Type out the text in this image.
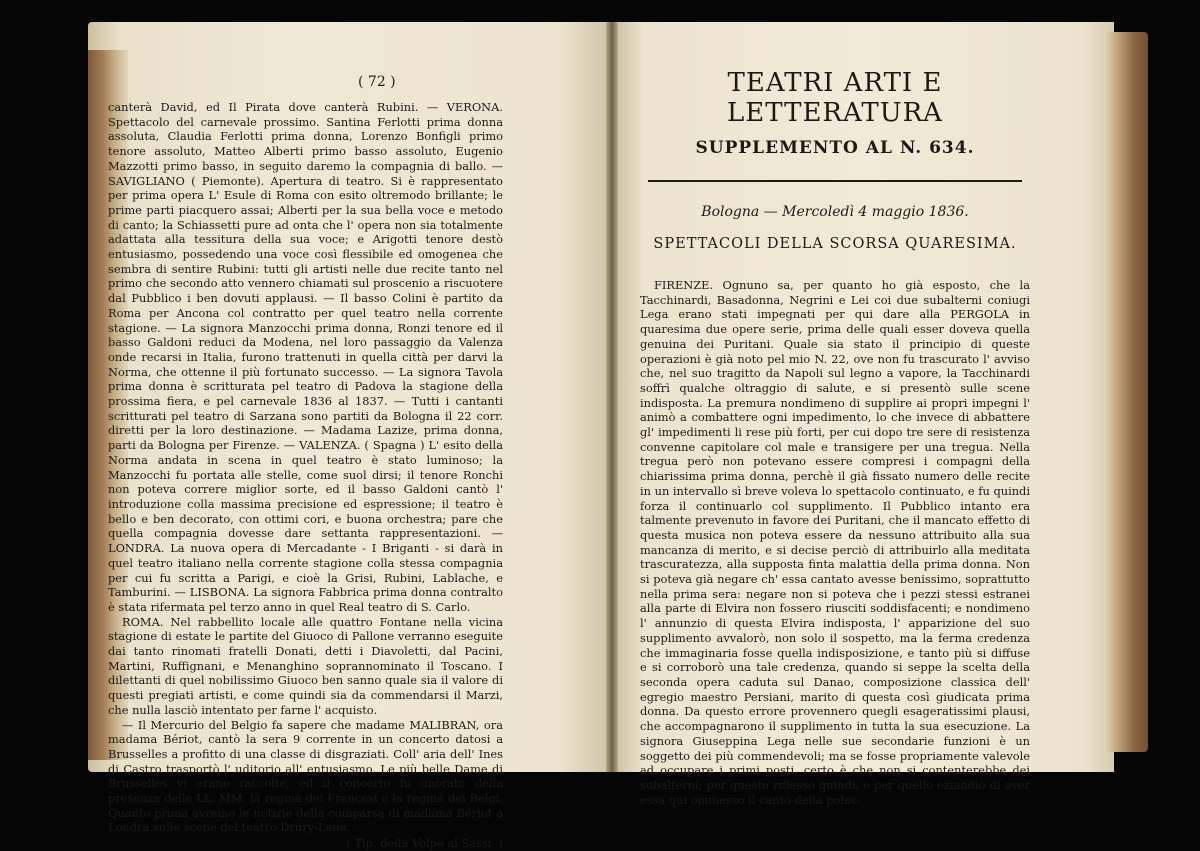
( 72 )

canterà David, ed Il Pirata dove canterà Rubini. — VERONA. Spettacolo del carnevale prossimo. Santina Ferlotti prima donna assoluta, Claudia Ferlotti prima donna, Lorenzo Bonfigli primo tenore assoluto, Matteo Alberti primo basso assoluto, Eugenio Mazzotti primo basso, in seguito daremo la compagnia di ballo. — SAVIGLIANO ( Piemonte). Apertura di teatro. Si è rappresentato per prima opera L' Esule di Roma con esito oltremodo brillante; le prime parti piacquero assai; Alberti per la sua bella voce e metodo di canto; la Schiassetti pure ad onta che l' opera non sia totalmente adattata alla tessitura della sua voce; e Arigotti tenore destò entusiasmo, possedendo una voce così flessibile ed omogenea che sembra di sentire Rubini: tutti gli artisti nelle due recite tanto nel primo che secondo atto vennero chiamati sul proscenio a riscuotere dal Pubblico i ben dovuti applausi. — Il basso Colini è partito da Roma per Ancona col contratto per quel teatro nella corrente stagione. — La signora Manzocchi prima donna, Ronzi tenore ed il basso Galdoni reduci da Modena, nel loro passaggio da Valenza onde recarsi in Italia, furono trattenuti in quella città per darvi la Norma, che ottenne il più fortunato successo. — La signora Tavola prima donna è scritturata pel teatro di Padova la stagione della prossima fiera, e pel carnevale 1836 al 1837. — Tutti i cantanti scritturati pel teatro di Sarzana sono partiti da Bologna il 22 corr. diretti per la loro destinazione. — Madama Lazize, prima donna, parti da Bologna per Firenze. — VALENZA. ( Spagna ) L' esito della Norma andata in scena in quel teatro è stato luminoso; la Manzocchi fu portata alle stelle, come suol dirsi; il tenore Ronchi non poteva correre miglior sorte, ed il basso Galdoni cantò l' introduzione colla massima precisione ed espressione; il teatro è bello e ben decorato, con ottimi cori, e buona orchestra; pare che quella compagnia dovesse dare settanta rappresentazioni. — LONDRA. La nuova opera di Mercadante - I Briganti - si darà in quel teatro italiano nella corrente stagione colla stessa compagnia per cui fu scritta a Parigi, e cioè la Grisi, Rubini, Lablache, e Tamburini. — LISBONA. La signora Fabbrica prima donna contralto è stata rifermata pel terzo anno in quel Real teatro di S. Carlo.

ROMA. Nel rabbellito locale alle quattro Fontane nella vicina stagione di estate le partite del Giuoco di Pallone verranno eseguite dai tanto rinomati fratelli Donati, detti i Diavoletti, dal Pacini, Martini, Ruffignani, e Menanghino soprannominato il Toscano. I dilettanti di quel nobilissimo Giuoco ben sanno quale sia il valore di questi pregiati artisti, e come quindi sia da commendarsi il Marzi, che nulla lasciò intentato per farne l' acquisto.

— Il Mercurio del Belgio fa sapere che madame MALIBRAN, ora madama Bériot, cantò la sera 9 corrente in un concerto datosi a Brusselles a profitto di una classe di disgraziati. Coll' aria dell' Ines di Castro trasportò l' uditorio all' entusiasmo. Le più belle Dame di Brusselles vi erano raccolte, ed il concerto fu onorato della presenza delle LL. MM. la regina dei Francesi e la regina dei Belgi. Quanto prima avremo le notizie della comparsa di madama Bériot a Londra sulle scene del teatro Drury-Lane.

( Tip. della Volpe al Sassi. )
TEATRI ARTI E LETTERATURA
SUPPLEMENTO AL N. 634.
Bologna — Mercoledì 4 maggio 1836.
SPETTACOLI DELLA SCORSA QUARESIMA.

FIRENZE. Ognuno sa, per quanto ho già esposto, che la Tacchinardi, Basadonna, Negrini e Lei coi due subalterni coniugi Lega erano stati impegnati per qui dare alla PERGOLA in quaresima due opere serie, prima delle quali esser doveva quella genuina dei Puritani. Quale sia stato il principio di queste operazioni è già noto pel mio N. 22, ove non fu trascurato l' avviso che, nel suo tragitto da Napoli sul legno a vapore, la Tacchinardi soffrì qualche oltraggio di salute, e si presentò sulle scene indisposta. La premura nondimeno di supplire ai propri impegni l' animò a combattere ogni impedimento, lo che invece di abbattere gl' impedimenti li rese più forti, per cui dopo tre sere di resistenza convenne capitolare col male e transigere per una tregua. Nella tregua però non potevano essere compresi i compagni della chiarissima prima donna, perchè il già fissato numero delle recite in un intervallo sì breve voleva lo spettacolo continuato, e fu quindi forza il continuarlo col supplimento. Il Pubblico intanto era talmente prevenuto in favore dei Puritani, che il mancato effetto di questa musica non poteva essere da nessuno attribuito alla sua mancanza di merito, e si decise perciò di attribuirlo alla meditata trascuratezza, alla supposta finta malattia della prima donna. Non si poteva già negare ch' essa cantato avesse benissimo, soprattutto nella prima sera: negare non si poteva che i pezzi stessi estranei alla parte di Elvira non fossero riusciti soddisfacenti; e nondimeno l' annunzio di questa Elvira indisposta, l' apparizione del suo supplimento avvalorò, non solo il sospetto, ma la ferma credenza che immaginaria fosse quella indisposizione, e tanto più si diffuse e si corroborò una tale credenza, quando si seppe la scelta della seconda opera caduta sul Danao, composizione classica dell' egregio maestro Persiani, marito di questa così giudicata prima donna. Da questo errore provennero quegli esageratissimi plausi, che accompagnarono il supplimento in tutta la sua esecuzione. La signora Giuseppina Lega nelle sue secondarie funzioni è un soggetto dei più commendevoli; ma se fosse propriamente valevole ad occupare i primi posti, certo è che non si contenterebbe dei subalterni; per questo riflesso quindi, e per quello eziandio di aver essa qui ommesso il canto della polac-
